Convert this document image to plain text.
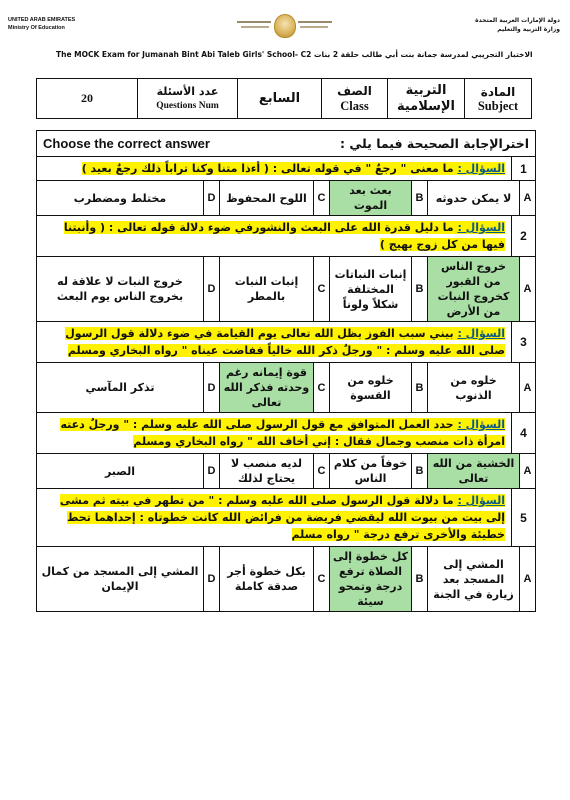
UNITED ARAB EMIRATES
Ministry Of Education
دولة الإمارات العربية المتحدة
وزارة التربية والتعليم
The MOCK Exam for Jumanah Bint Abi Taleb Girls' School- C2 الاختبار التجريبي لمدرسة جمانة بنت أبي طالب حلقة 2 بنات
المادة
Subject
التربية الإسلامية
الصف
Class
السابع
عدد الأسئلة
Questions Num
20
اخترالإجابة الصحيحة فيما يلي :
Choose the correct answer
1
السؤال : ما معنى " رجعٌ " في قوله تعالى : ( أءذا متنا وكنا تراباً ذلك رجعٌ بعيد )
A
لا يمكن حدوثه
B
بعث بعد الموت
C
اللوح المحفوظ
D
مختلط ومضطرب
2
السؤال : ما دليل قدرة الله على البعث والنشورفي ضوء دلالة قوله تعالى : ( وأنبتنا فيها من كل زوج بهيج )
A
خروج الناس من القبور كخروج النبات من الأرض
B
إنبات النباتات المختلفة شكلاً ولوناً
C
إنبات النبات بالمطر
D
خروج النبات لا علاقة له بخروج الناس يوم البعث
3
السؤال : بيني سبب الفوز بظل الله تعالى يوم القيامة في ضوء دلالة قول الرسول صلى الله عليه وسلم : " ورجلٌ ذكر الله خالياً ففاضت عيناه " رواه البخاري ومسلم
A
خلوه من الذنوب
B
خلوه من القسوة
C
قوة إيمانه رغم وحدته فذكر الله تعالى
D
تذكر المآسي
4
السؤال : حدد العمل المتوافق مع قول الرسول صلى الله عليه وسلم : " ورجلٌ دعته امرأة ذات منصب وجمال فقال : إني أخاف الله " رواه البخاري ومسلم
A
الخشية من الله تعالى
B
خوفاً من كلام الناس
C
لديه منصب لا يحتاج لذلك
D
الصبر
5
السؤال : ما دلالة قول الرسول صلى الله عليه وسلم : " من تطهر في بيته ثم مشى إلى بيت من بيوت الله ليقضي فريضة من فرائض الله كانت خطوتاه : إحداهما تحط خطيئة والأخرى ترفع درجة " رواه مسلم
A
المشي إلى المسجد بعد زيارة في الجنة
B
كل خطوة إلى الصلاة ترفع درجة وتمحو سيئة
C
بكل خطوة أجر صدقة كاملة
D
المشي إلى المسجد من كمال الإيمان
